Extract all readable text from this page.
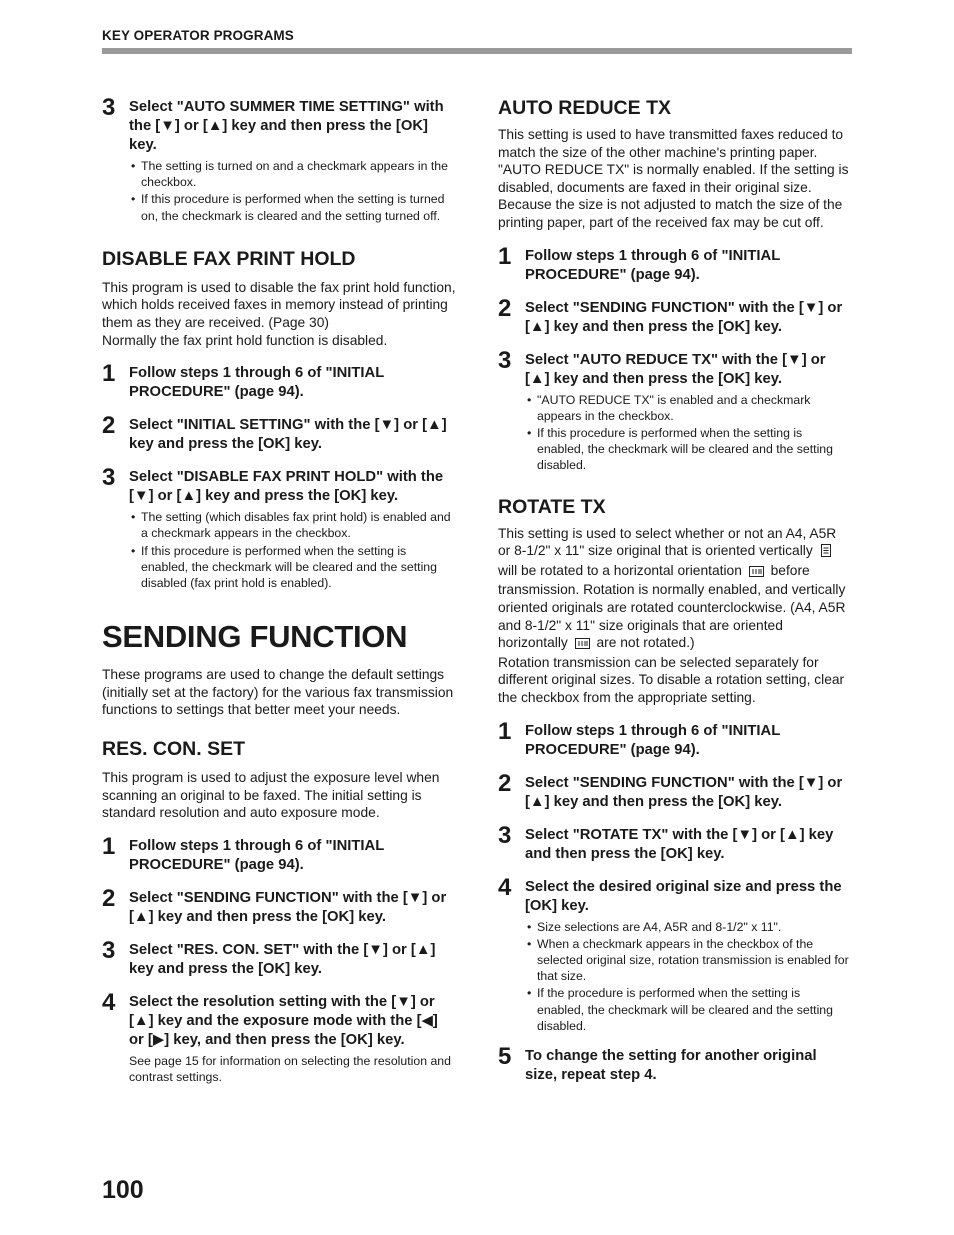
KEY OPERATOR PROGRAMS
3 Select "AUTO SUMMER TIME SETTING" with the [▼] or [▲] key and then press the [OK] key.
• The setting is turned on and a checkmark appears in the checkbox.
• If this procedure is performed when the setting is turned on, the checkmark is cleared and the setting turned off.
DISABLE FAX PRINT HOLD

This program is used to disable the fax print hold function, which holds received faxes in memory instead of printing them as they are received. (Page 30)

Normally the fax print hold function is disabled.

1 Follow steps 1 through 6 of "INITIAL PROCEDURE" (page 94).
2 Select "INITIAL SETTING" with the [▼] or [▲] key and press the [OK] key.
3 Select "DISABLE FAX PRINT HOLD" with the [▼] or [▲] key and press the [OK] key.
• The setting (which disables fax print hold) is enabled and a checkmark appears in the checkbox.
• If this procedure is performed when the setting is enabled, the checkmark will be cleared and the setting disabled (fax print hold is enabled).
SENDING FUNCTION

These programs are used to change the default settings (initially set at the factory) for the various fax transmission functions to settings that better meet your needs.

RES. CON. SET

This program is used to adjust the exposure level when scanning an original to be faxed. The initial setting is standard resolution and auto exposure mode.

1 Follow steps 1 through 6 of "INITIAL PROCEDURE" (page 94).
2 Select "SENDING FUNCTION" with the [▼] or [▲] key and then press the [OK] key.
3 Select "RES. CON. SET" with the [▼] or [▲] key and press the [OK] key.
4 Select the resolution setting with the [▼] or [▲] key and the exposure mode with the [◀] or [▶] key, and then press the [OK] key.
See page 15 for information on selecting the resolution and contrast settings.
AUTO REDUCE TX

This setting is used to have transmitted faxes reduced to match the size of the other machine's printing paper. "AUTO REDUCE TX" is normally enabled. If the setting is disabled, documents are faxed in their original size. Because the size is not adjusted to match the size of the printing paper, part of the received fax may be cut off.

1 Follow steps 1 through 6 of "INITIAL PROCEDURE" (page 94).
2 Select "SENDING FUNCTION" with the [▼] or [▲] key and then press the [OK] key.
3 Select "AUTO REDUCE TX" with the [▼] or [▲] key and then press the [OK] key.
• "AUTO REDUCE TX" is enabled and a checkmark appears in the checkbox.
• If this procedure is performed when the setting is enabled, the checkmark will be cleared and the setting disabled.
ROTATE TX

This setting is used to select whether or not an A4, A5R or 8-1/2" x 11" size original that is oriented vertically  will be rotated to a horizontal orientation before transmission. Rotation is normally enabled, and vertically oriented originals are rotated counterclockwise. (A4, A5R and 8-1/2" x 11" size originals that are oriented horizontally are not rotated.)

Rotation transmission can be selected separately for different original sizes. To disable a rotation setting, clear the checkbox from the appropriate setting.

1 Follow steps 1 through 6 of "INITIAL PROCEDURE" (page 94).
2 Select "SENDING FUNCTION" with the [▼] or [▲] key and then press the [OK] key.
3 Select "ROTATE TX" with the [▼] or [▲] key and then press the [OK] key.
4 Select the desired original size and press the [OK] key.
• Size selections are A4, A5R and 8-1/2" x 11".
• When a checkmark appears in the checkbox of the selected original size, rotation transmission is enabled for that size.
• If the procedure is performed when the setting is enabled, the checkmark will be cleared and the setting disabled.
5 To change the setting for another original size, repeat step 4.
100
